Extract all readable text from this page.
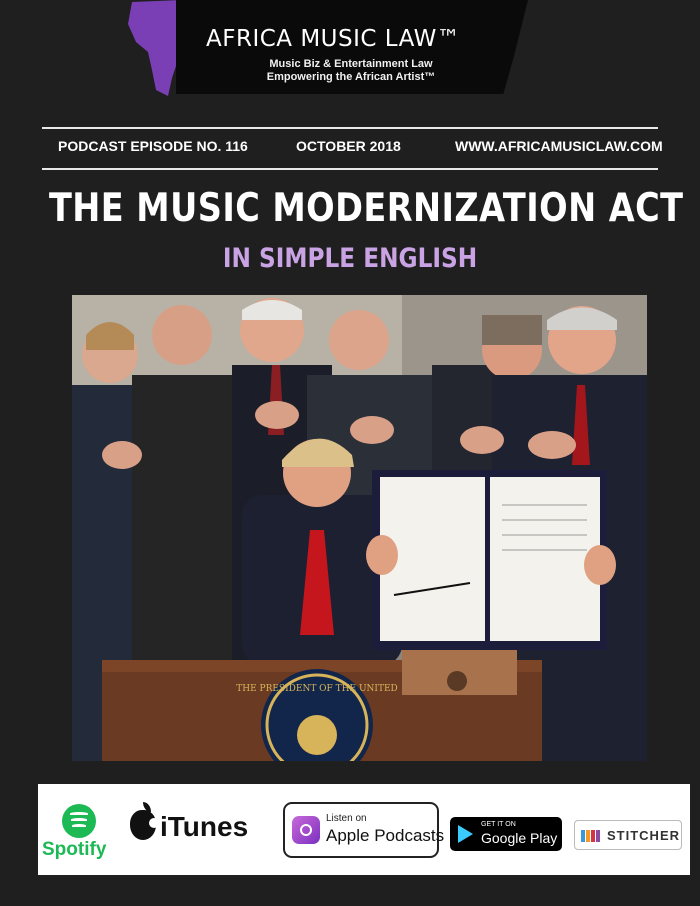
AFRICA MUSIC LAW™
Music Biz & Entertainment Law
Empowering the African Artist™
PODCAST EPISODE NO. 116	OCTOBER 2018	WWW.AFRICAMUSICLAW.COM
THE MUSIC MODERNIZATION ACT
IN SIMPLE ENGLISH
THE PRESIDENT OF THE UNITED
Spotify
iTunes	Listen on
Apple Podcasts
GET IT ON
Google Play	STITCHER
